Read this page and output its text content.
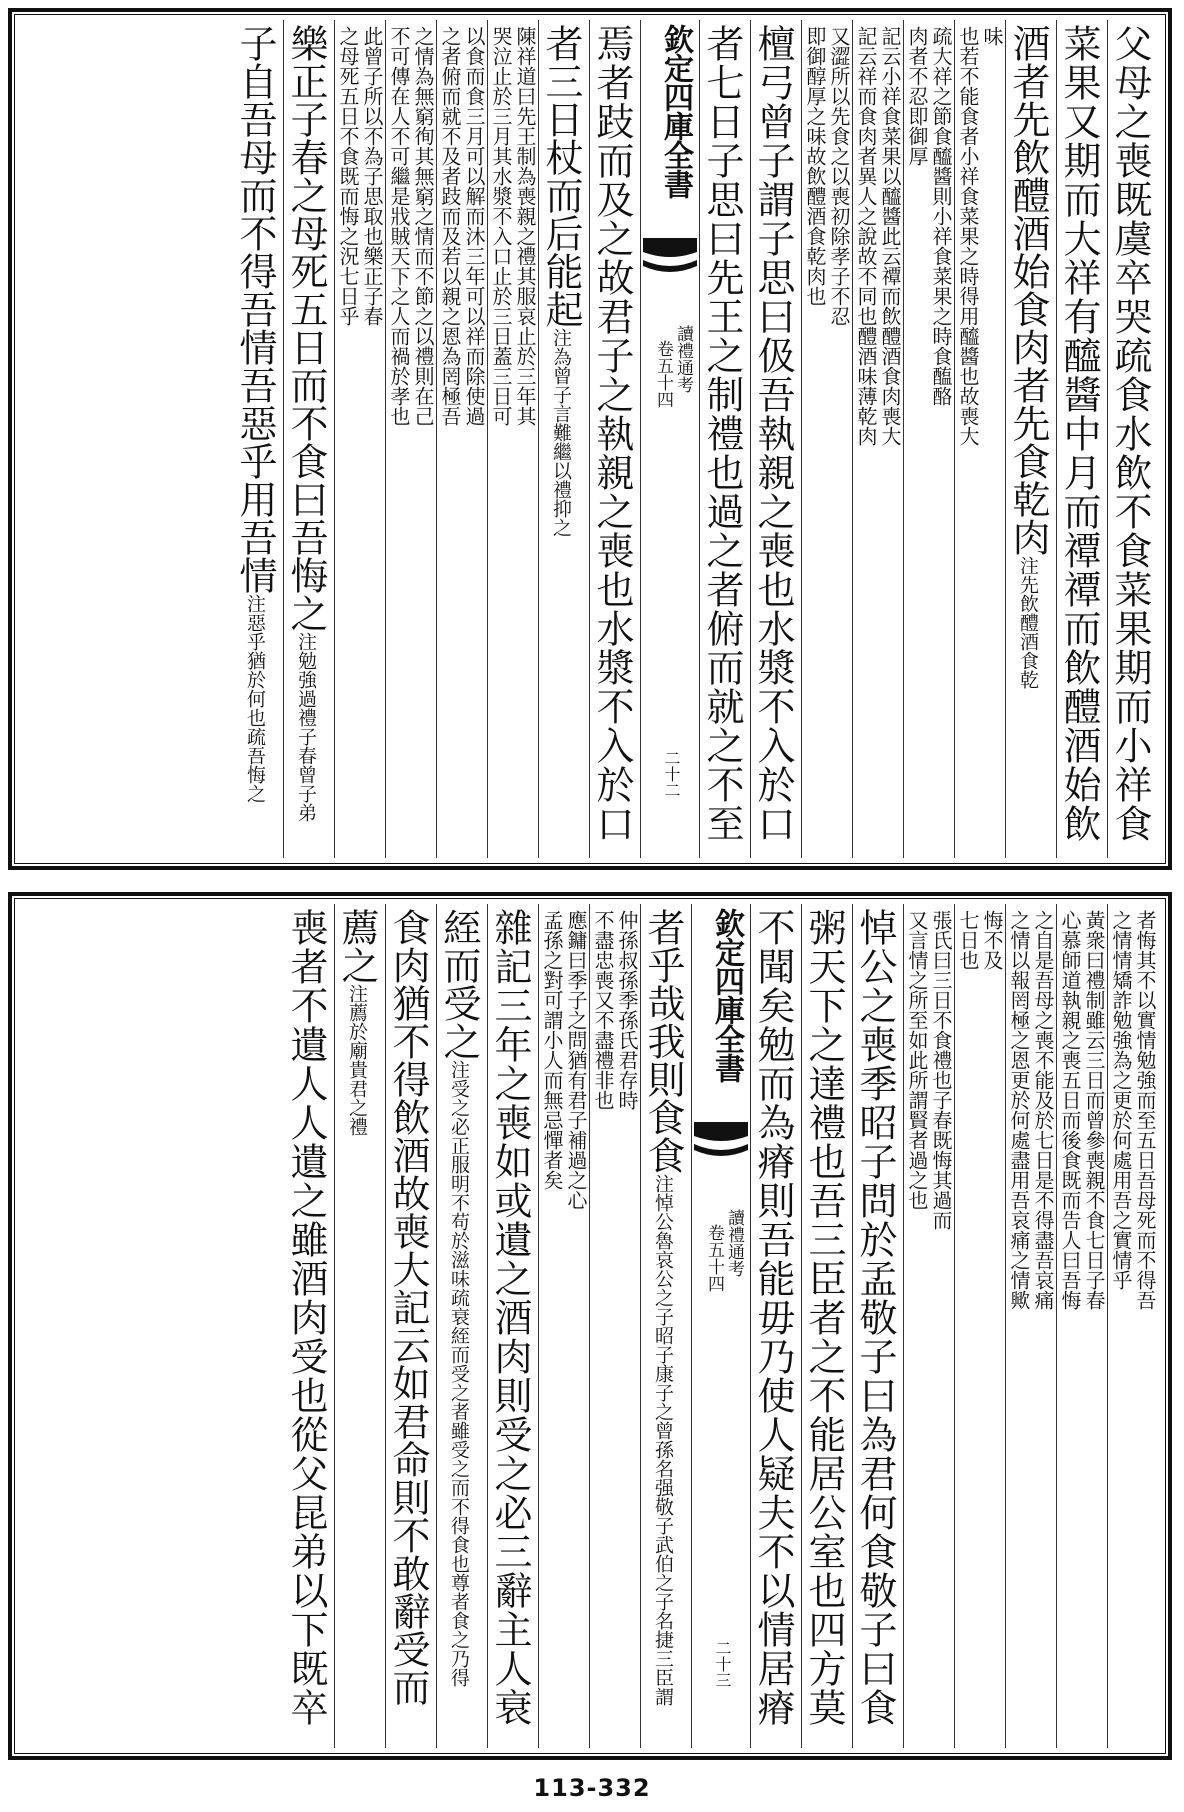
父母之喪既虞卒哭疏食水飲不食菜果期而小祥食
菜果又期而大祥有醯醬中月而禫禫而飲醴酒始飲
酒者先飲醴酒始食肉者先食乾肉注先飲醴酒食乾
味
也若不能食者小祥食菜果之時得用醯醬也故喪大
疏大祥之節食醯醬則小祥食菜果之時食醢酪
肉者不忍即御厚
記云小祥食菜果以醯醬此云禫而飲醴酒食肉喪大
記云祥而食肉者異人之說故不同也醴酒味薄乾肉
又澀所以先食之以喪初除孝子不忍
即御醇厚之味故飲醴酒食乾肉也
檀弓曾子謂子思曰伋吾執親之喪也水漿不入於口
者七日子思曰先王之制禮也過之者俯而就之不至
欽定四庫全書
讀禮通考
卷五十四
二十二
焉者跂而及之故君子之執親之喪也水漿不入於口
者三日杖而后能起注為曾子言難繼以禮抑之
陳祥道曰先王制為喪親之禮其服哀止於三年其
哭泣止於三月其水漿不入口止於三日蓋三日可
以食而食三月可以解而沐三年可以祥而除使過
之者俯而就不及者跂而及若以親之恩為罔極吾
之情為無窮徇其無窮之情而不節之以禮則在己
不可傳在人不可繼是戕賊天下之人而禍於孝也
此曾子所以不為子思取也樂正子春
之母死五日不食既而悔之況七日乎
樂正子春之母死五日而不食曰吾悔之注勉強過禮子春曾子弟
子自吾母而不得吾情吾惡乎用吾情注惡乎猶於何也疏吾悔之
者悔其不以實情勉強而至五日吾母死而不得吾
之情情矯詐勉強為之更於何處用吾之實情乎
黃衆曰禮制雖云三日而曾參喪親不食七日子春
心慕師道執親之喪五日而後食既而告人曰吾悔
之自是吾母之喪不能及於七日是不得盡吾哀痛
之情以報罔極之恩更於何處盡用吾哀痛之情歟
悔不及
七日也
張氏曰三日不食禮也子春既悔其過而
又言情之所至如此所謂賢者過之也
悼公之喪季昭子問於孟敬子曰為君何食敬子曰食
粥天下之達禮也吾三臣者之不能居公室也四方莫
不聞矣勉而為瘠則吾能毋乃使人疑夫不以情居瘠
欽定四庫全書
讀禮通考
卷五十四
二十三
者乎哉我則食食注悼公魯哀公之子昭子康子之曾孫名强敬子武伯之子名捷三臣謂
仲孫叔孫季孫氏君存時
不盡忠喪又不盡禮非也
應鏞曰季子之問猶有君子補過之心
孟孫之對可謂小人而無忌憚者矣
雜記三年之喪如或遺之酒肉則受之必三辭主人衰
絰而受之注受之必正服明不苟於滋味疏衰絰而受之者雖受之而不得食也尊者食之乃得
食肉猶不得飲酒故喪大記云如君命則不敢辭受而
薦之注薦於廟貴君之禮
喪者不遺人人遺之雖酒肉受也從父昆弟以下既卒
113-332
